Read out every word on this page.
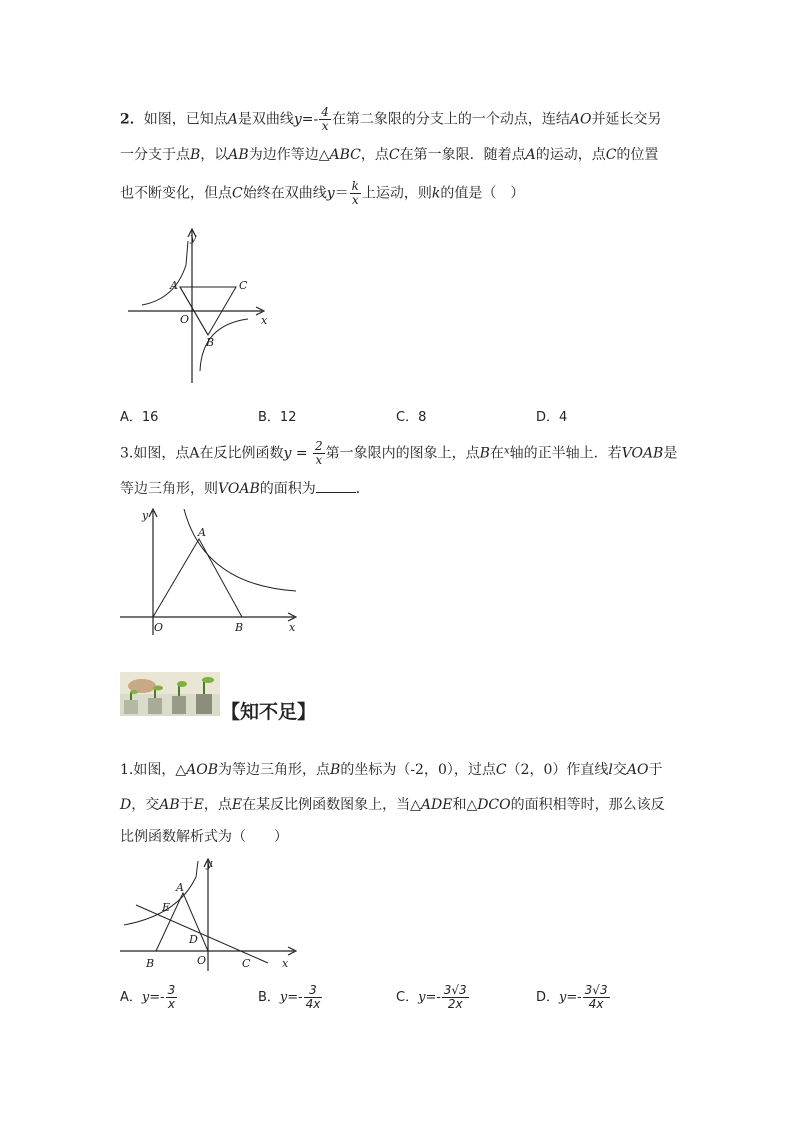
2．如图，已知点A是双曲线$y=- \frac{4}{x}$ 在第二象限的分支上的一个动点，连结AO并延长交另
一分支于点B，以AB为边作等边△ABC，点C在第一象限．随着点A的运动，点C的位置
也不断变化，但点C始终在双曲线$y= \frac{k}{x}$ 上运动，则k的值是（　）
y
x
A	C
O
B
A．16	B．12	C．8	D．4
3.如图，点A在反比例函数$y = \frac{2}{x}$ 第一象限内的图象上，点B在$^x$轴的正半轴上．若VOAB是
等边三角形，则VOAB的面积为	．
y
A
O	B	x
【知不足】
1.如图，△AOB为等边三角形，点B的坐标为（-2，0），过点C（2，0）作直线l交AO于
D，交AB于E，点E在某反比例函数图象上，当△ADE和△DCO的面积相等时，那么该反
比例函数解析式为（　　）
y
A
E
D
B	O	C	x
A．$y=- \frac{3}{x}$	B．$y=- \frac{3}{4x}$	C．$y=- \frac{3√3}{2x}$	D．$y=- \frac{3√3}{4x}$
